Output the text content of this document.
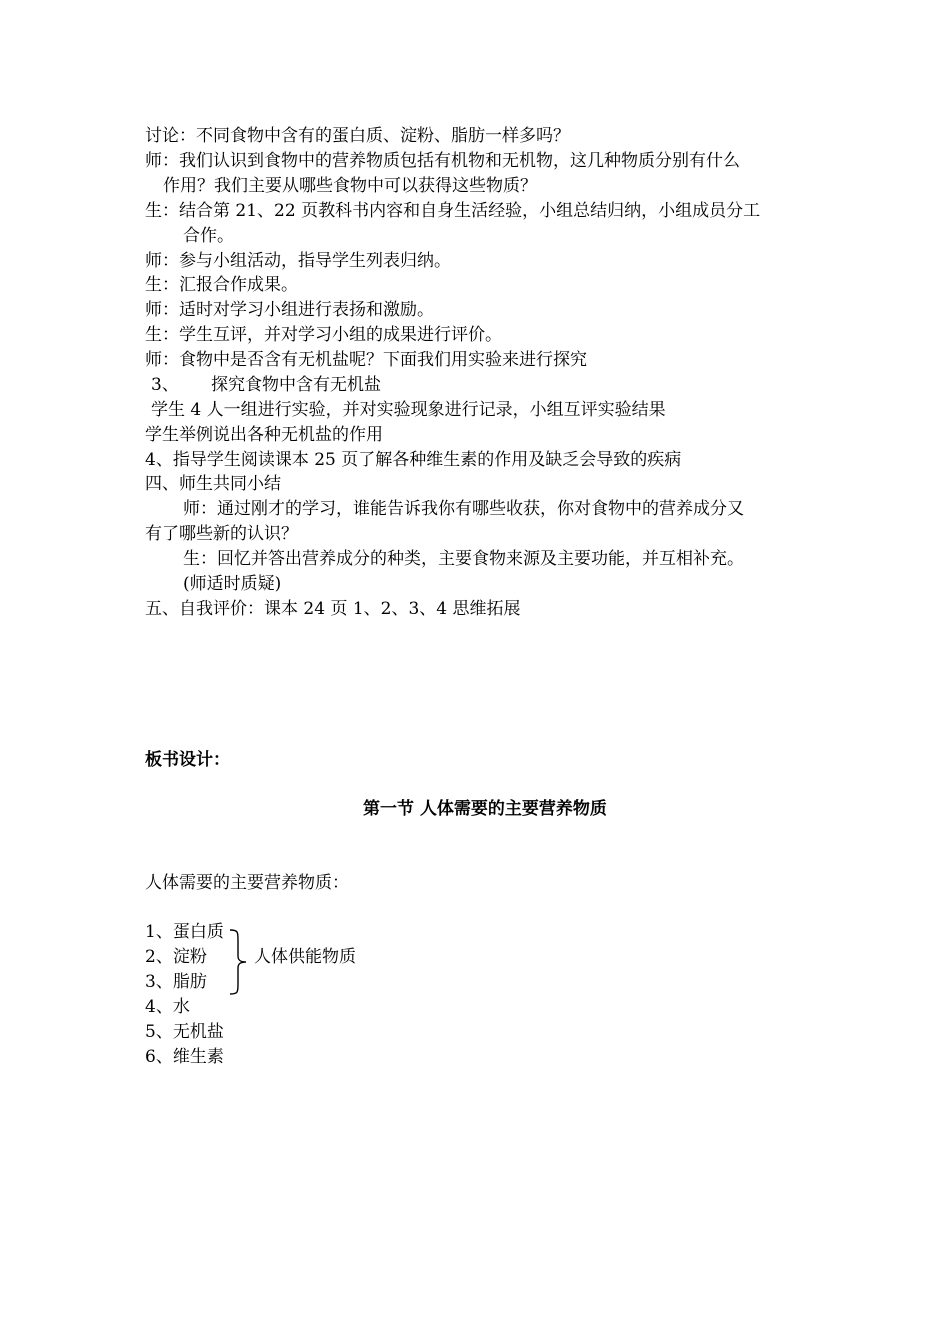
讨论：不同食物中含有的蛋白质、淀粉、脂肪一样多吗？
师：我们认识到食物中的营养物质包括有机物和无机物，这几种物质分别有什么
作用？我们主要从哪些食物中可以获得这些物质？
生：结合第 21、22 页教科书内容和自身生活经验，小组总结归纳，小组成员分工
合作。
师：参与小组活动，指导学生列表归纳。
生：汇报合作成果。
师：适时对学习小组进行表扬和激励。
生：学生互评，并对学习小组的成果进行评价。
师：食物中是否含有无机盐呢？下面我们用实验来进行探究
3、 探究食物中含有无机盐
学生 4 人一组进行实验，并对实验现象进行记录，小组互评实验结果
学生举例说出各种无机盐的作用
4、指导学生阅读课本 25 页了解各种维生素的作用及缺乏会导致的疾病
四、师生共同小结
师：通过刚才的学习，谁能告诉我你有哪些收获，你对食物中的营养成分又
有了哪些新的认识？
生：回忆并答出营养成分的种类，主要食物来源及主要功能，并互相补充。
(师适时质疑)
五、自我评价：课本 24 页 1、2、3、4 思维拓展
板书设计：
第一节 人体需要的主要营养物质
人体需要的主要营养物质：
1、蛋白质
2、淀粉
3、脂肪
4、水
5、无机盐
6、维生素
人体供能物质
